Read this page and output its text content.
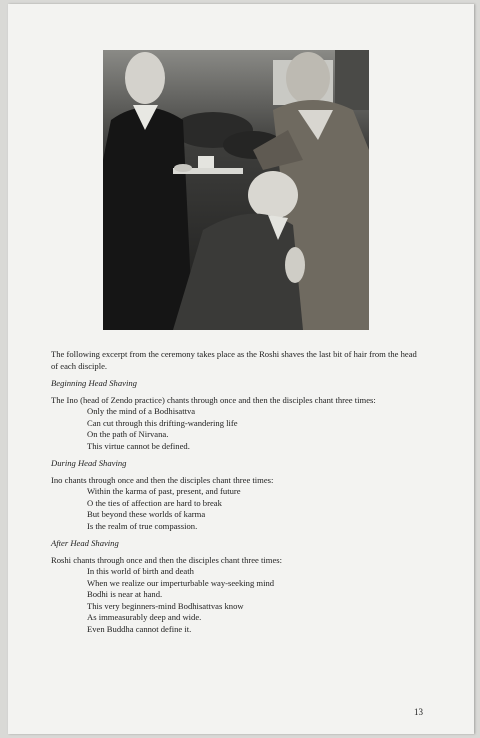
The following excerpt from the ceremony takes place as the Roshi shaves the last bit of hair from the head of each disciple.

Beginning Head Shaving

The Ino (head of Zendo practice) chants through once and then the disciples chant three times:

Only the mind of a Bodhisattva

Can cut through this drifting-wandering life

On the path of Nirvana.

This virtue cannot be defined.

During Head Shaving

Ino chants through once and then the disciples chant three times:

Within the karma of past, present, and future

O the ties of affection are hard to break

But beyond these worlds of karma

Is the realm of true compassion.

After Head Shaving

Roshi chants through once and then the disciples chant three times:

In this world of birth and death

When we realize our imperturbable way-seeking mind

Bodhi is near at hand.

This very beginners-mind Bodhisattvas know

As immeasurably deep and wide.

Even Buddha cannot define it.

13
